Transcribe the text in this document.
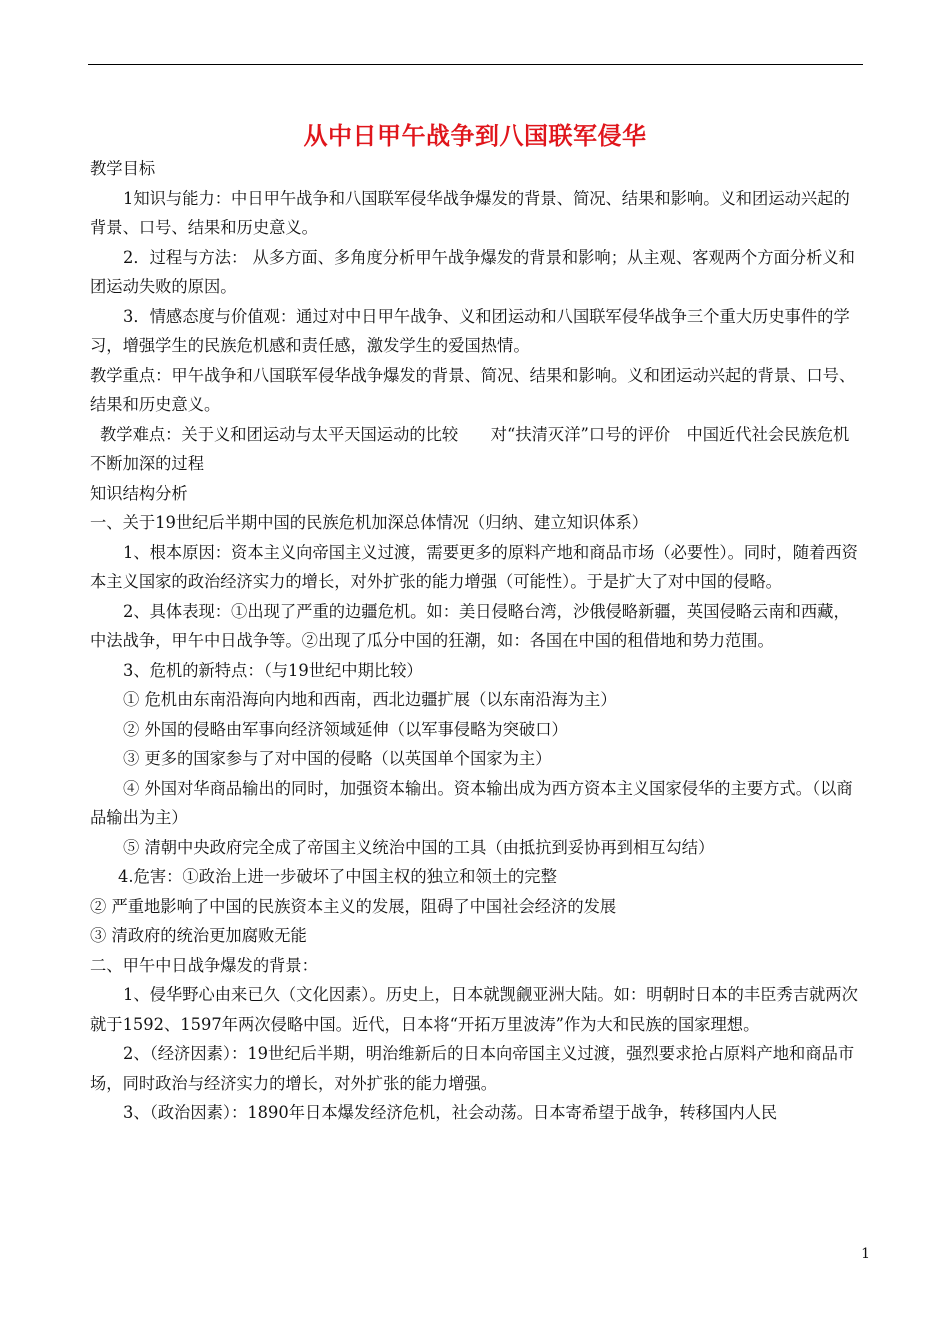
从中日甲午战争到八国联军侵华

教学目标

1知识与能力：中日甲午战争和八国联军侵华战争爆发的背景、简况、结果和影响。义和团运动兴起的背景、口号、结果和历史意义。

2．过程与方法： 从多方面、多角度分析甲午战争爆发的背景和影响；从主观、客观两个方面分析义和团运动失败的原因。

3．情感态度与价值观：通过对中日甲午战争、义和团运动和八国联军侵华战争三个重大历史事件的学习，增强学生的民族危机感和责任感，激发学生的爱国热情。

教学重点：甲午战争和八国联军侵华战争爆发的背景、简况、结果和影响。义和团运动兴起的背景、口号、结果和历史意义。

教学难点：关于义和团运动与太平天国运动的比较　　对“扶清灭洋”口号的评价　中国近代社会民族危机不断加深的过程

知识结构分析

一、关于19世纪后半期中国的民族危机加深总体情况（归纳、建立知识体系）

1、根本原因：资本主义向帝国主义过渡，需要更多的原料产地和商品市场（必要性）。同时，随着西资本主义国家的政治经济实力的增长，对外扩张的能力增强（可能性）。于是扩大了对中国的侵略。

2、具体表现：①出现了严重的边疆危机。如：美日侵略台湾，沙俄侵略新疆，英国侵略云南和西藏，中法战争，甲午中日战争等。②出现了瓜分中国的狂潮，如：各国在中国的租借地和势力范围。

3、危机的新特点：（与19世纪中期比较）

① 危机由东南沿海向内地和西南，西北边疆扩展（以东南沿海为主）

② 外国的侵略由军事向经济领域延伸（以军事侵略为突破口）

③ 更多的国家参与了对中国的侵略（以英国单个国家为主）

④ 外国对华商品输出的同时，加强资本输出。资本输出成为西方资本主义国家侵华的主要方式。（以商品输出为主）

⑤ 清朝中央政府完全成了帝国主义统治中国的工具（由抵抗到妥协再到相互勾结）

4.危害：①政治上进一步破坏了中国主权的独立和领土的完整

② 严重地影响了中国的民族资本主义的发展，阻碍了中国社会经济的发展

③ 清政府的统治更加腐败无能

二、甲午中日战争爆发的背景：

1、侵华野心由来已久（文化因素）。历史上，日本就觊觎亚洲大陆。如：明朝时日本的丰臣秀吉就两次就于1592、1597年两次侵略中国。近代，日本将“开拓万里波涛”作为大和民族的国家理想。

2、（经济因素）：19世纪后半期，明治维新后的日本向帝国主义过渡，强烈要求抢占原料产地和商品市场，同时政治与经济实力的增长，对外扩张的能力增强。

3、（政治因素）：1890年日本爆发经济危机，社会动荡。日本寄希望于战争，转移国内人民

1
